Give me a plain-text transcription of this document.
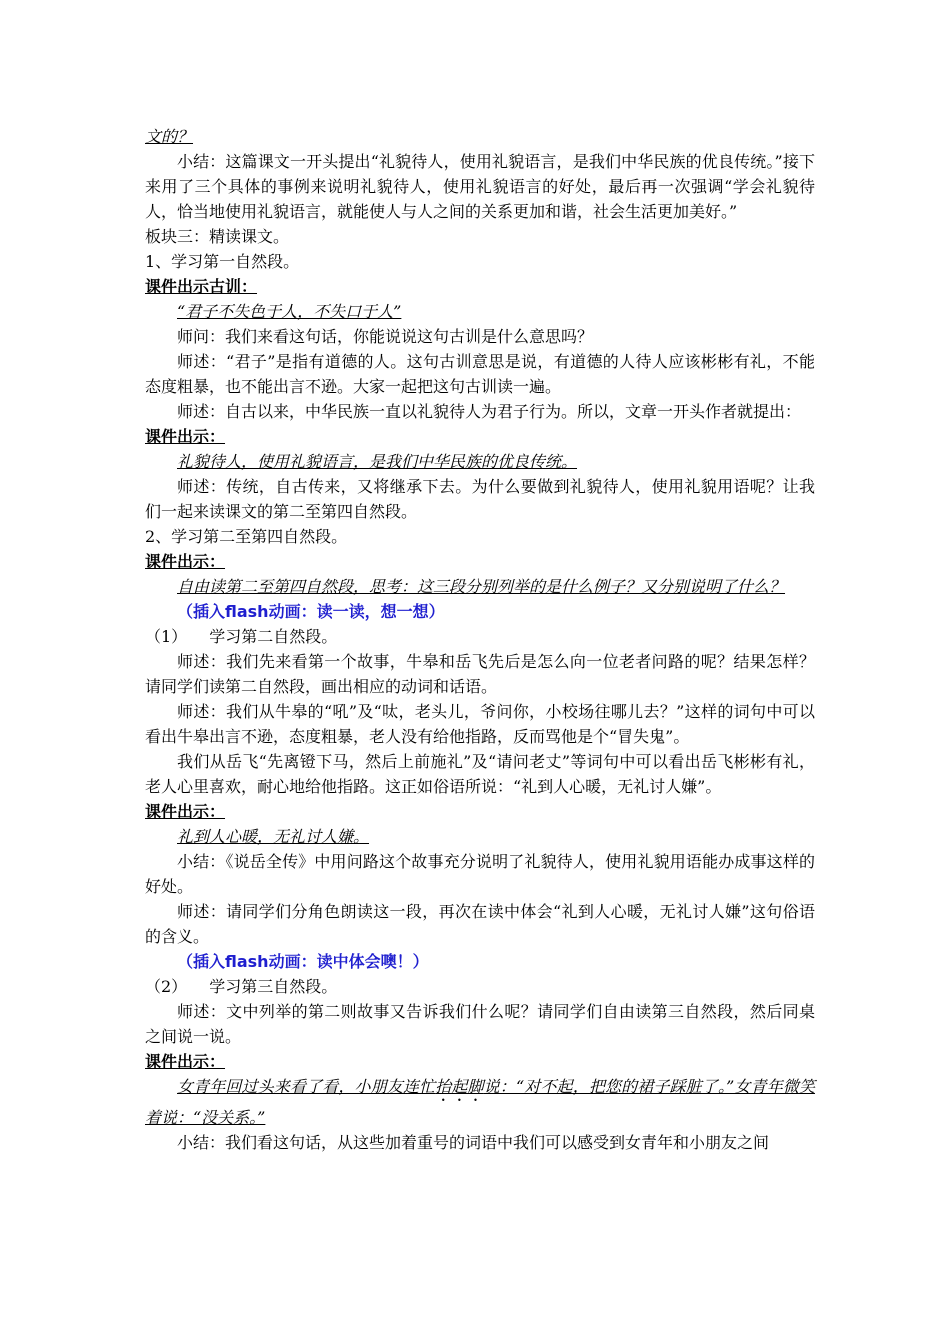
文的？

小结：这篇课文一开头提出“礼貌待人，使用礼貌语言，是我们中华民族的优良传统。”接下来用了三个具体的事例来说明礼貌待人，使用礼貌语言的好处，最后再一次强调“学会礼貌待人，恰当地使用礼貌语言，就能使人与人之间的关系更加和谐，社会生活更加美好。”

板块三：精读课文。

1、学习第一自然段。

课件出示古训：

“君子不失色于人，不失口于人”

师问：我们来看这句话，你能说说这句古训是什么意思吗？

师述：“君子”是指有道德的人。这句古训意思是说，有道德的人待人应该彬彬有礼，不能态度粗暴，也不能出言不逊。大家一起把这句古训读一遍。

师述：自古以来，中华民族一直以礼貌待人为君子行为。所以，文章一开头作者就提出：

课件出示：

礼貌待人，使用礼貌语言，是我们中华民族的优良传统。

师述：传统，自古传来，又将继承下去。为什么要做到礼貌待人，使用礼貌用语呢？让我们一起来读课文的第二至第四自然段。

2、学习第二至第四自然段。

课件出示：

自由读第二至第四自然段，思考：这三段分别列举的是什么例子？又分别说明了什么？

（插入flash动画：读一读，想一想）

（1） 学习第二自然段。

师述：我们先来看第一个故事，牛皋和岳飞先后是怎么向一位老者问路的呢？结果怎样？请同学们读第二自然段，画出相应的动词和话语。

师述：我们从牛皋的“吼”及“呔，老头儿，爷问你，小校场往哪儿去？”这样的词句中可以看出牛皋出言不逊，态度粗暴，老人没有给他指路，反而骂他是个“冒失鬼”。

我们从岳飞“先离镫下马，然后上前施礼”及“请问老丈”等词句中可以看出岳飞彬彬有礼，老人心里喜欢，耐心地给他指路。这正如俗语所说：“礼到人心暖，无礼讨人嫌”。

课件出示：

礼到人心暖，无礼讨人嫌。

小结：《说岳全传》中用问路这个故事充分说明了礼貌待人，使用礼貌用语能办成事这样的好处。

师述：请同学们分角色朗读这一段，再次在读中体会“礼到人心暖，无礼讨人嫌”这句俗语的含义。

（插入flash动画：读中体会噢！）

（2） 学习第三自然段。

师述：文中列举的第二则故事又告诉我们什么呢？请同学们自由读第三自然段，然后同桌之间说一说。

课件出示：

女青年回过头来看了看，小朋友连忙抬起脚说：“对不起，把您的裙子踩脏了。”女青年微笑着说：“没关系。”

小结：我们看这句话，从这些加着重号的词语中我们可以感受到女青年和小朋友之间
